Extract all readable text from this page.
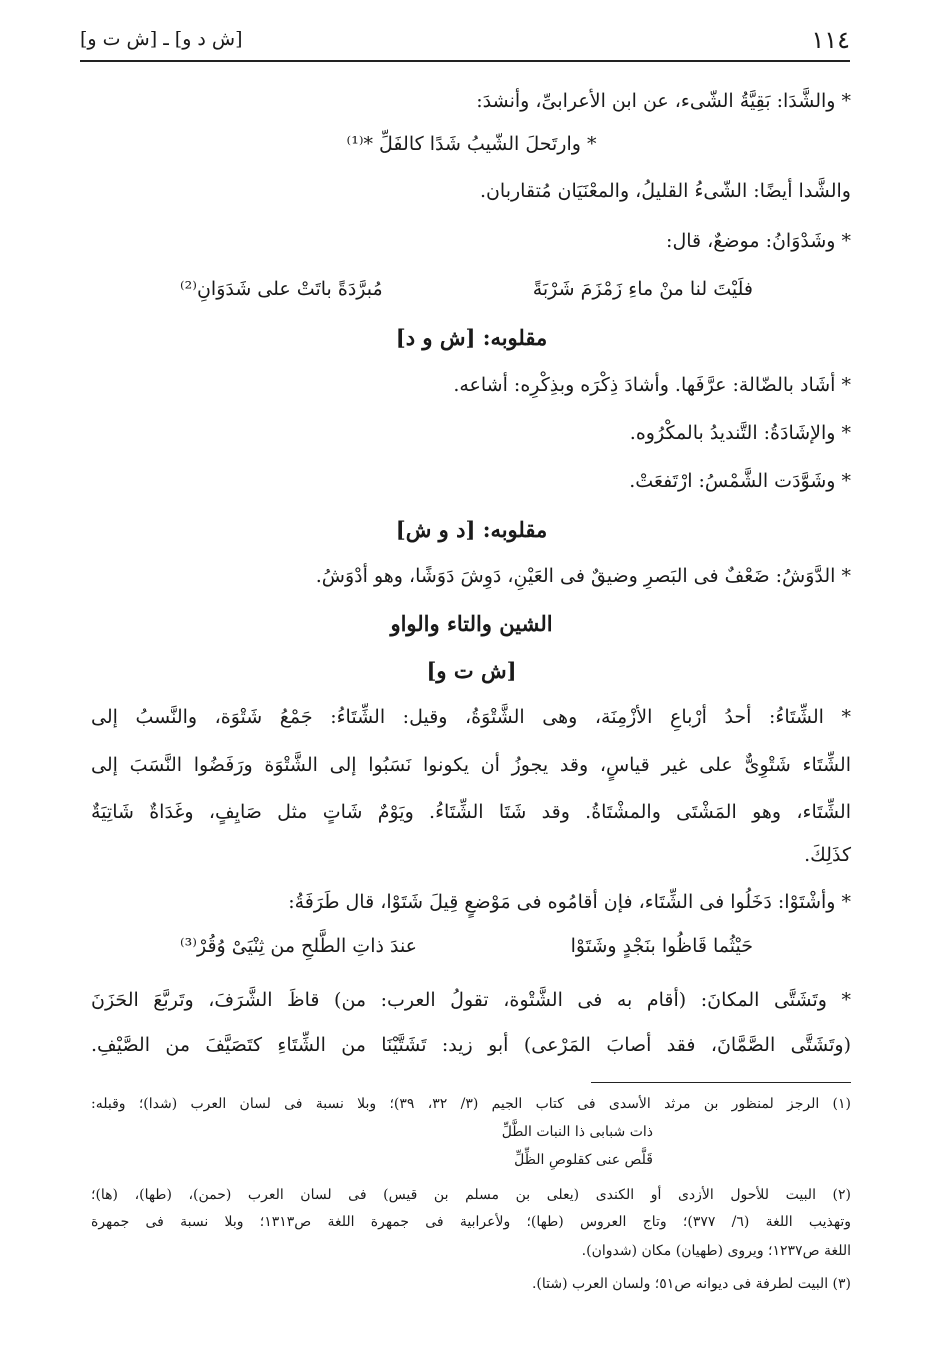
١١٤
[ش د و] ـ [ش ت و]
* والشَّدَا: بَقِيَّةُ الشّىء، عن ابن الأعرابىِّ، وأنشدَ:
* وارتَحلَ الشّيبُ شَدًا كالفَلِّ *⁽¹⁾
والشَّدا أيضًا: الشّىءُ القليلُ، والمعْنَيَان مُتقاربان.
* وشَدْوَانُ: موضعٌ، قال:
فلَيْتَ لنا منْ ماءِ زَمْزَمَ شَرْبَةً
مُبرَّدَةً باتَتْ على شَدَوَانِ⁽²⁾
مقلوبه: [ش و د]
* أشَاد بالضّالة: عرَّفَها. وأشادَ ذِكْرَه وبذِكْرِه: أشاعه.
* والإشَادَةُ: التَّنديدُ بالمكْرُوه.
* وشَوَّدَت الشَّمْسُ: ارْتَفعَتْ.
مقلوبه: [د و ش]
* الدَّوَشُ: ضَعْفٌ فى البَصرِ وضيقٌ فى العَيْنِ، دَوِشَ دَوَشًا، وهو أدْوَشُ.
الشين والتاء والواو
[ش ت و]
* الشِّتَاءُ: أحدُ أرْباعِ الأزْمِنَة، وهى الشَّتْوَةُ، وقيل: الشِّتَاءُ: جَمْعُ شَتْوَة، والنَّسبُ إلى
الشِّتَاء شَتْوِىٌّ على غير قياسٍ، وقد يجوزُ أن يكونوا نَسَبُوا إلى الشَّتْوَة ورَفَضُوا النَّسَبَ إلى
الشِّتَاء، وهو المَشْتَى والمشْتَاةُ. وقد شَتَا الشِّتَاءُ. ويَوْمٌ شَاتٍ مثل صَايِفٍ، وغَدَاةٌ شَاتِيَةٌ
كذَلِكَ.
* وأشْتَوْا: دَخَلُوا فى الشِّتَاء، فإن أقامُوه فى مَوْضعٍ قِيلَ شَتَوْا، قال طَرَفَةُ:
حَيْثُما قَاظُوا بنَجْدٍ وشَتَوْا
عندَ ذاتِ الطَّلحِ من ثِنْيَىْ وُقُرْ⁽³⁾
* وتَشَتَّى المكانَ: (أقام به فى الشَّتْوة، تقولُ العرب: من) قاظَ الشَّرَفَ، وتَربَّعَ الحَزَنَ
(وتَشَتَّى الصَّمَّانَ، فقد أصابَ المَرْعى) أبو زيد: تَشَتَّيْنَا من الشِّتَاءِ كتَصَيَّفَ من الصَّيْفِ.
(١) الرجز لمنظور بن مرثد الأسدى فى كتاب الجيم (٣/ ٣٢، ٣٩)؛ وبلا نسبة فى لسان العرب (شدا)؛ وقبله:
ذات شبابى ذا النبات الطَّلِّ
قَلَّص عنى كقلوصِ الظِّلِّ
(٢) البيت للأحول الأزدى أو الكندى (يعلى بن مسلم بن قيس) فى لسان العرب (حمن)، (طها)، (ها)؛
وتهذيب اللغة (٦/ ٣٧٧)؛ وتاج العروس (طها)؛ ولأعرابية فى جمهرة اللغة ص١٣١٣؛ وبلا نسبة فى جمهرة
اللغة ص١٢٣٧؛ ويروى (طهيان) مكان (شدوان).
(٣) البيت لطرفة فى ديوانه ص٥١؛ ولسان العرب (شتا).
